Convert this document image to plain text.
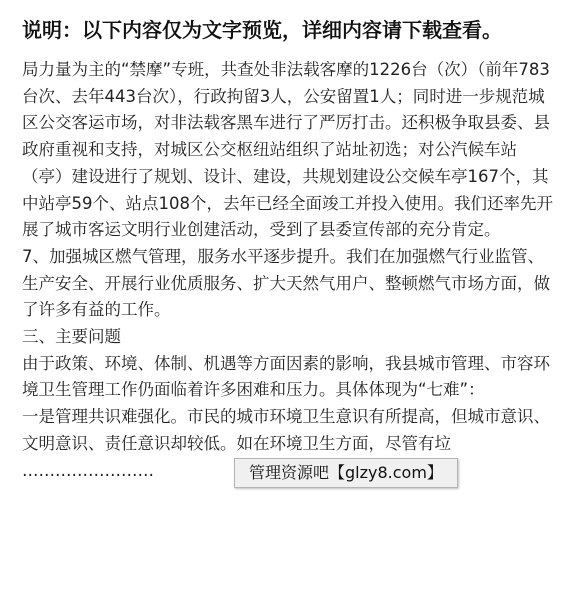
说明：以下内容仅为文字预览，详细内容请下载查看。

局力量为主的“禁摩”专班，共查处非法载客摩的1226台（次）（前年783台次、去年443台次），行政拘留3人，公安留置1人；同时进一步规范城区公交客运市场，对非法载客黑车进行了严厉打击。还积极争取县委、县政府重视和支持，对城区公交枢纽站组织了站址初选；对公汽候车站（亭）建设进行了规划、设计、建设，共规划建设公交候车亭167个，其中站亭59个、站点108个，去年已经全面竣工并投入使用。我们还率先开展了城市客运文明行业创建活动，受到了县委宣传部的充分肯定。

7、加强城区燃气管理，服务水平逐步提升。我们在加强燃气行业监管、生产安全、开展行业优质服务、扩大天然气用户、整顿燃气市场方面，做了许多有益的工作。

三、主要问题

由于政策、环境、体制、机遇等方面因素的影响，我县城市管理、市容环境卫生管理工作仍面临着许多困难和压力。具体体现为“七难”：

一是管理共识难强化。市民的城市环境卫生意识有所提高，但城市意识、文明意识、责任意识却较低。如在环境卫生方面，尽管有垃

……………………	管理资源吧【glzy8.com】
